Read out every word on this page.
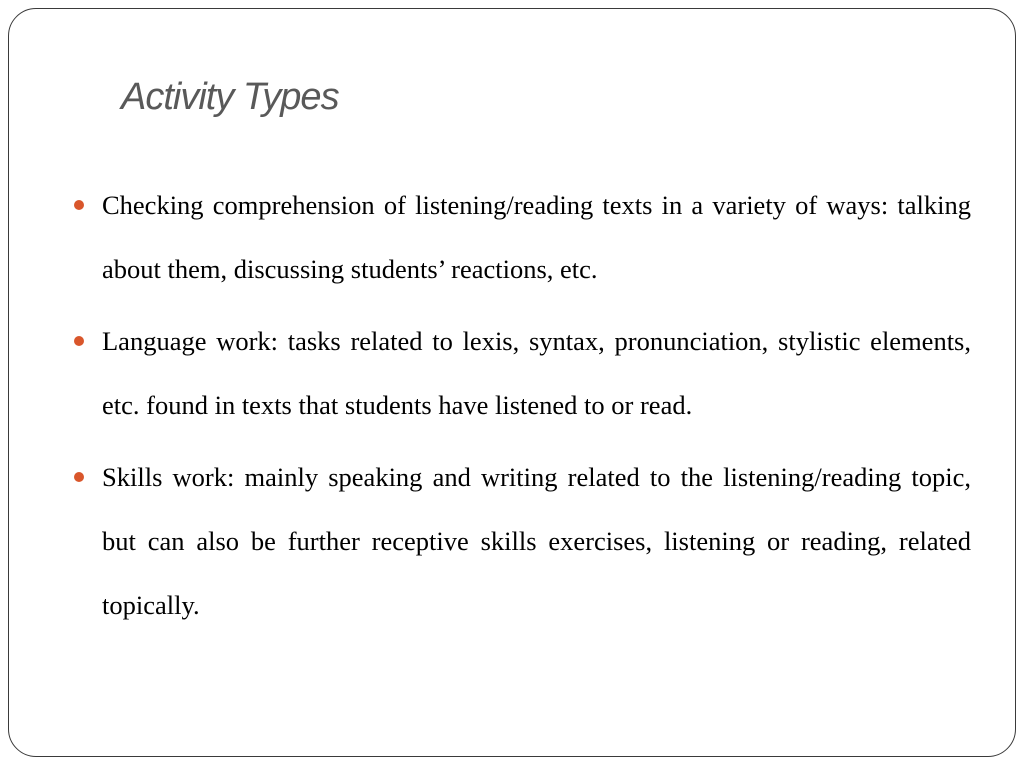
Activity Types
Checking comprehension of listening/reading texts in a variety of ways: talking about them, discussing students’ reactions, etc.
Language work: tasks related to lexis, syntax, pronunciation, stylistic elements, etc. found in texts that students have listened to or read.
Skills work: mainly speaking and writing related to the listening/reading topic, but can also be further receptive skills exercises, listening or reading, related topically.
